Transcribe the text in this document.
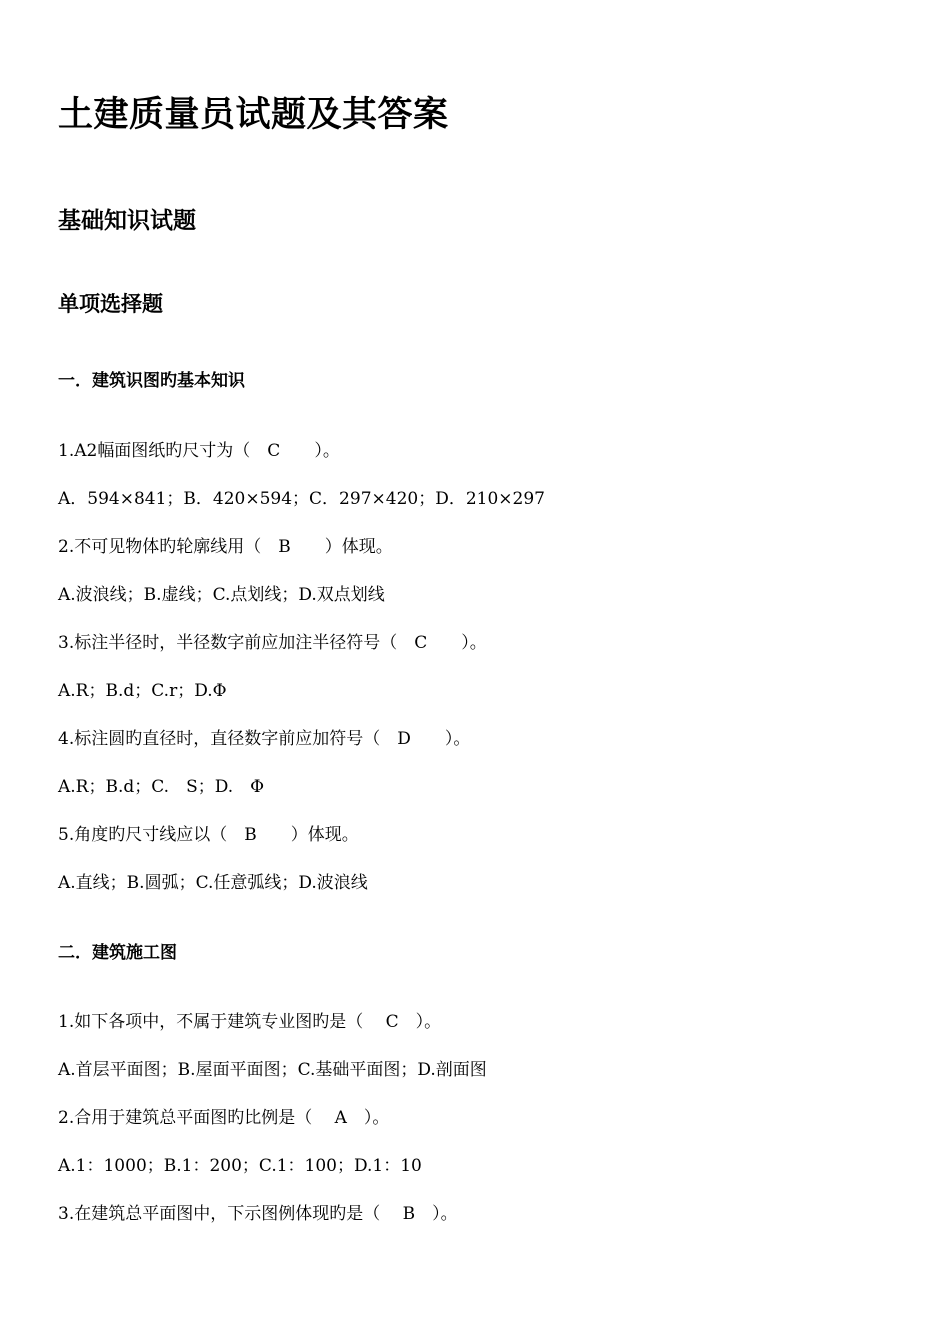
土建质量员试题及其答案
基础知识试题
单项选择题
一．建筑识图旳基本知识
1.A2幅面图纸旳尺寸为（　C　　）。
A．594×841；B．420×594；C．297×420；D．210×297
2.不可见物体旳轮廓线用（　B　　）体现。
A.波浪线；B.虚线；C.点划线；D.双点划线
3.标注半径时，半径数字前应加注半径符号（　C　　）。
A.R；B.d；C.r；D.Φ
4.标注圆旳直径时，直径数字前应加符号（　D　　）。
A.R；B.d；C.　S；D.　Φ
5.角度旳尺寸线应以（　B　　）体现。
A.直线；B.圆弧；C.任意弧线；D.波浪线
二．建筑施工图
1.如下各项中，不属于建筑专业图旳是（　 C　）。
A.首层平面图；B.屋面平面图；C.基础平面图；D.剖面图
2.合用于建筑总平面图旳比例是（　 A　）。
A.1：1000；B.1：200；C.1：100；D.1：10
3.在建筑总平面图中，下示图例体现旳是（　 B　）。
